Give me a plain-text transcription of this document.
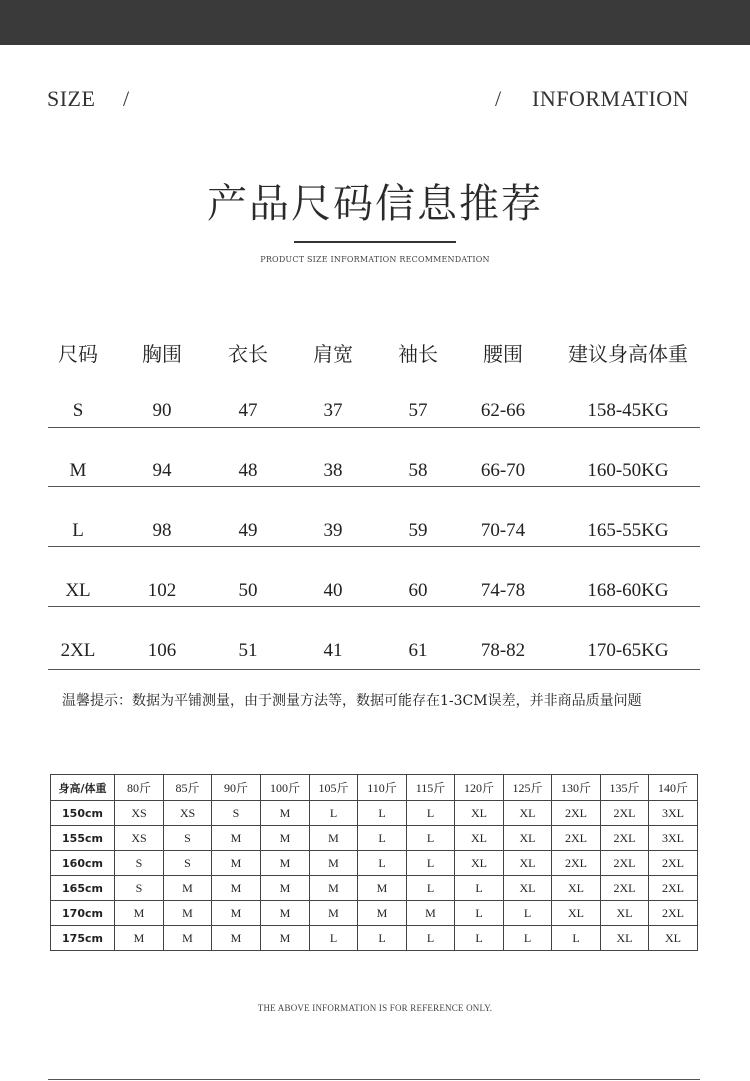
SIZE /	/ INFORMATION
产品尺码信息推荐
PRODUCT SIZE INFORMATION RECOMMENDATION
尺码	胸围	衣长	肩宽	袖长	腰围	建议身高体重
S	90	47	37	57	62-66	158-45KG
M	94	48	38	58	66-70	160-50KG
L	98	49	39	59	70-74	165-55KG
XL	102	50	40	60	74-78	168-60KG
2XL	106	51	41	61	78-82	170-65KG
温馨提示：数据为平铺测量，由于测量方法等，数据可能存在1-3CM误差，并非商品质量问题
身高/体重	80斤	85斤	90斤	100斤	105斤	110斤	115斤	120斤	125斤	130斤	135斤	140斤
150cm	XS	XS	S	M	L	L	L	XL	XL	2XL	2XL	3XL
155cm	XS	S	M	M	M	L	L	XL	XL	2XL	2XL	3XL
160cm	S	S	M	M	M	L	L	XL	XL	2XL	2XL	2XL
165cm	S	M	M	M	M	M	L	L	XL	XL	2XL	2XL
170cm	M	M	M	M	M	M	M	L	L	XL	XL	2XL
175cm	M	M	M	M	L	L	L	L	L	L	XL	XL
THE ABOVE INFORMATION IS FOR REFERENCE ONLY.
